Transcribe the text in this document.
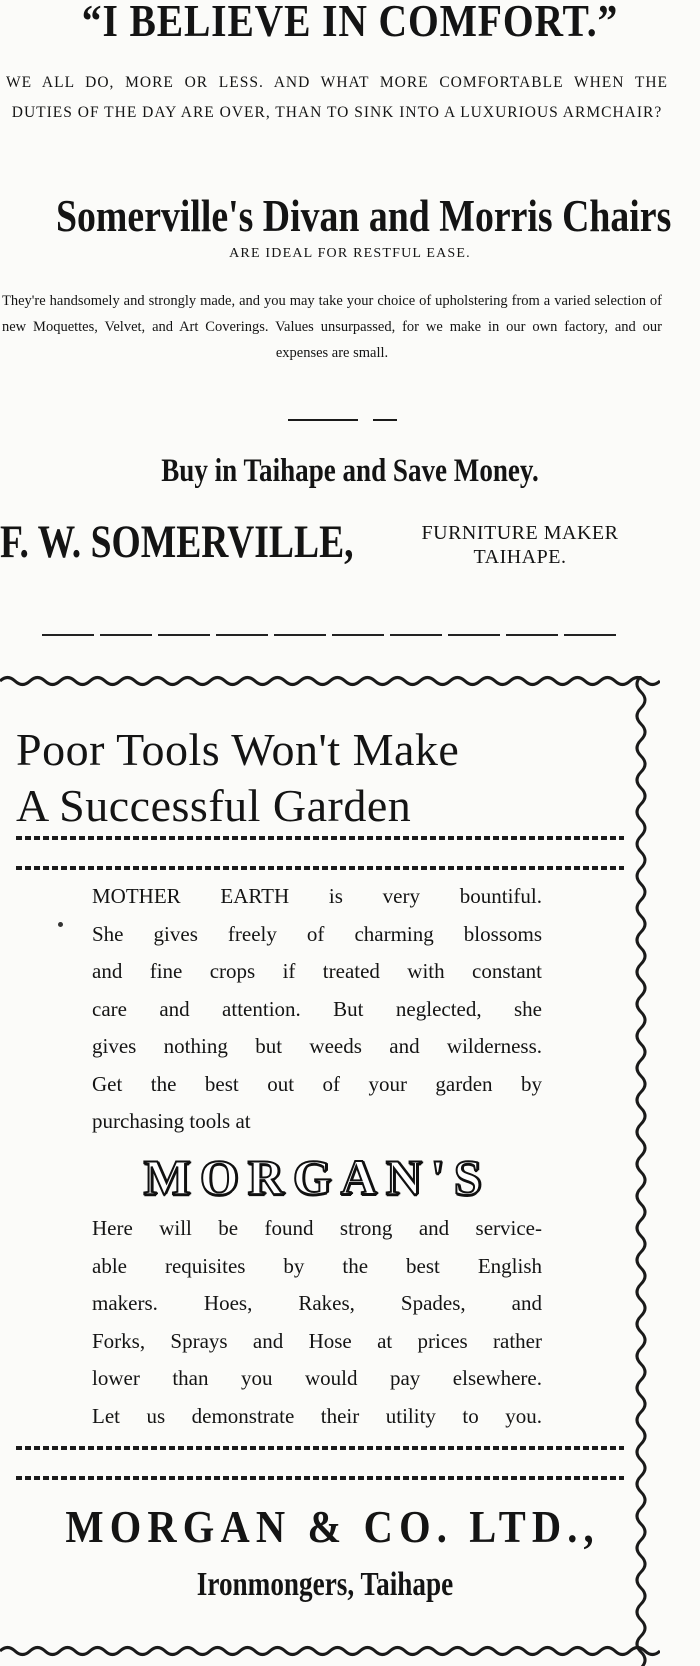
“I BELIEVE IN COMFORT.”
WE ALL DO, MORE OR LESS. AND WHAT MORE COMFORTABLE WHEN THE DUTIES OF THE DAY ARE OVER, THAN TO SINK INTO A LUXURIOUS ARMCHAIR?
Somerville's Divan and Morris Chairs
ARE IDEAL FOR RESTFUL EASE.
They're handsomely and strongly made, and you may take your choice of upholstering from a varied selection of new Moquettes, Velvet, and Art Coverings. Values unsurpassed, for we make in our own factory, and our expenses are small.
Buy in Taihape and Save Money.
F. W. SOMERVILLE,	FURNITURE MAKER
TAIHAPE.
Poor Tools Won't Make
A Successful Garden
MOTHER EARTH is very bountiful.
She gives freely of charming blossoms
and fine crops if treated with constant
care and attention. But neglected, she
gives nothing but weeds and wilderness.
Get the best out of your garden by
purchasing tools at
MORGAN'S
Here will be found strong and service-
able requisites by the best English
makers. Hoes, Rakes, Spades, and
Forks, Sprays and Hose at prices rather
lower than you would pay elsewhere.
Let us demonstrate their utility to you.
MORGAN & CO. LTD.,
Ironmongers, Taihape
